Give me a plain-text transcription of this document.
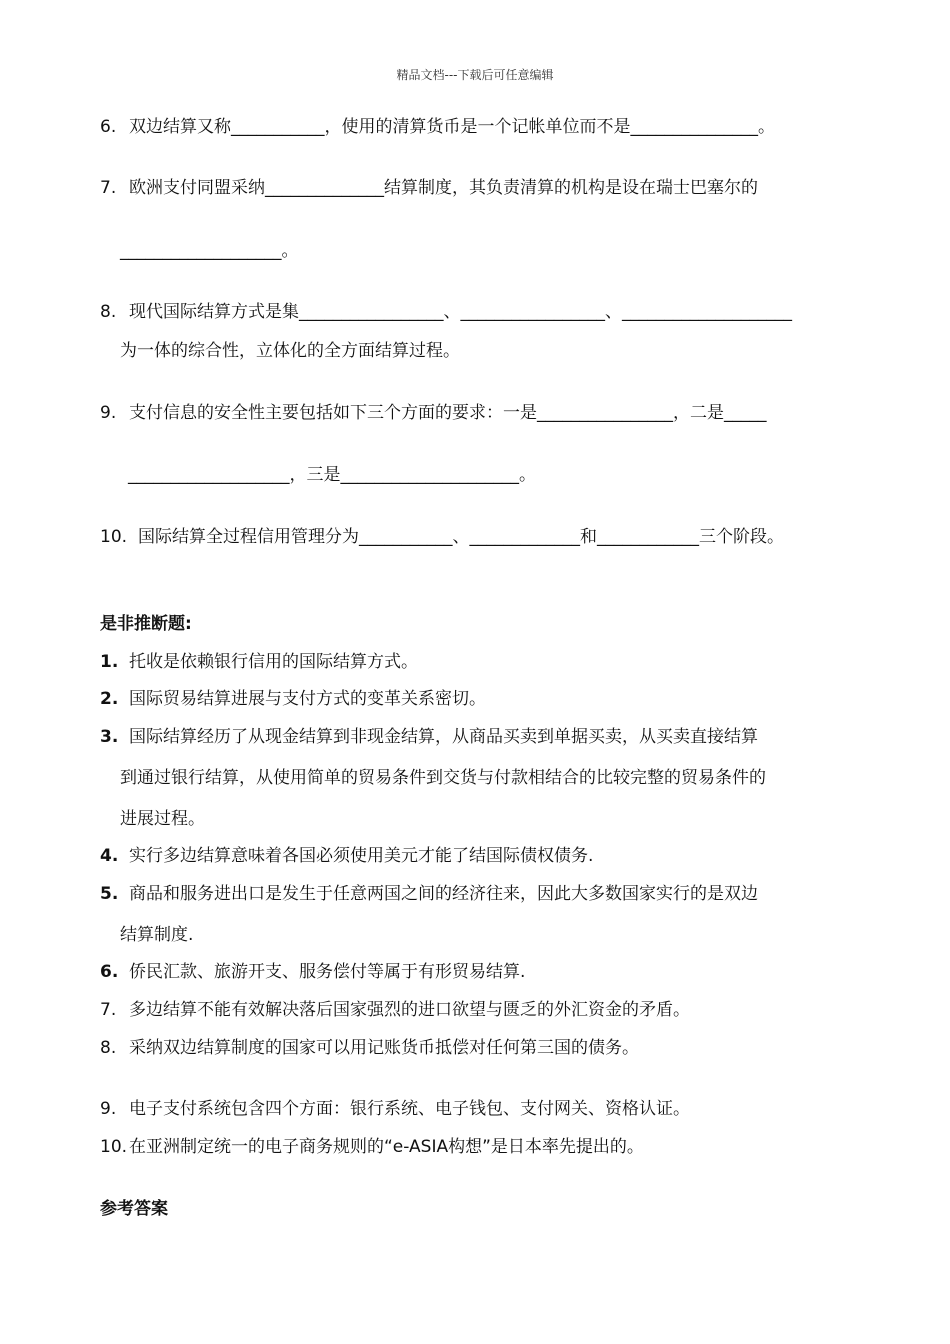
精品文档---下载后可任意编辑
6. 双边结算又称___________，使用的清算货币是一个记帐单位而不是_______________。
7. 欧洲支付同盟采纳______________结算制度，其负责清算的机构是设在瑞士巴塞尔的
___________________。
8. 现代国际结算方式是集_________________、_________________、____________________
为一体的综合性，立体化的全方面结算过程。
9. 支付信息的安全性主要包括如下三个方面的要求：一是________________，二是_____
___________________，三是_____________________。
10. 国际结算全过程信用管理分为___________、_____________和____________三个阶段。
是非推断题:
1. 托收是依赖银行信用的国际结算方式。
2. 国际贸易结算进展与支付方式的变革关系密切。
3. 国际结算经历了从现金结算到非现金结算，从商品买卖到单据买卖，从买卖直接结算
到通过银行结算，从使用简单的贸易条件到交货与付款相结合的比较完整的贸易条件的
进展过程。
4. 实行多边结算意味着各国必须使用美元才能了结国际债权债务.
5. 商品和服务进出口是发生于任意两国之间的经济往来，因此大多数国家实行的是双边
结算制度.
6. 侨民汇款、旅游开支、服务偿付等属于有形贸易结算.
7. 多边结算不能有效解决落后国家强烈的进口欲望与匮乏的外汇资金的矛盾。
8. 采纳双边结算制度的国家可以用记账货币抵偿对任何第三国的债务。
9. 电子支付系统包含四个方面：银行系统、电子钱包、支付网关、资格认证。
10. 在亚洲制定统一的电子商务规则的“e-ASIA构想”是日本率先提出的。
参考答案
